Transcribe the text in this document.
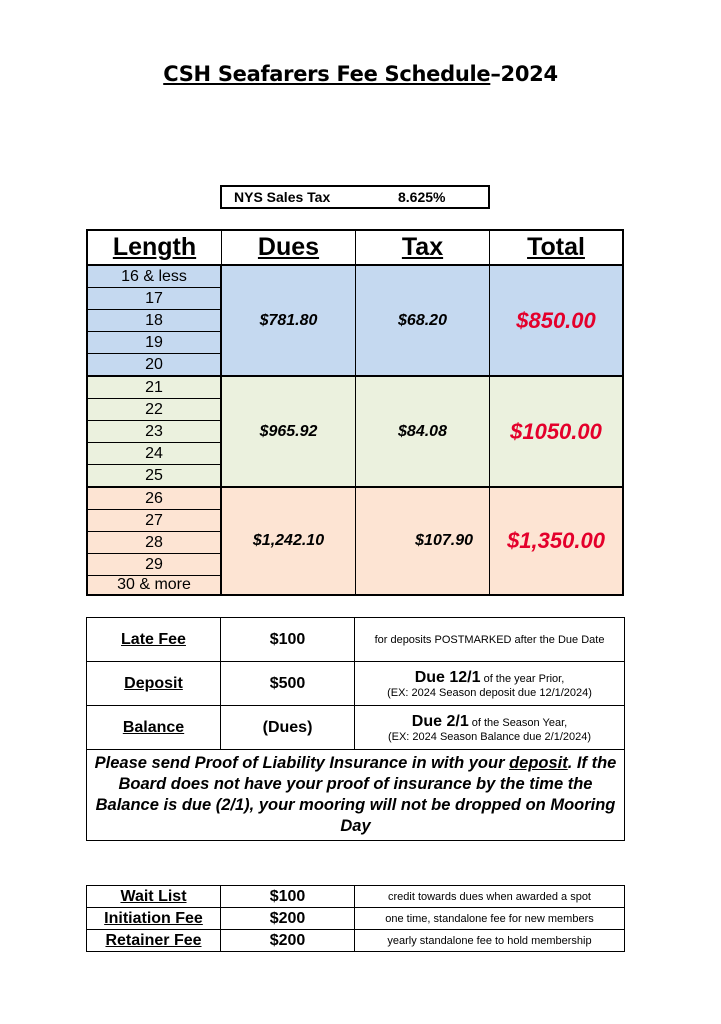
CSH Seafarers Fee Schedule–2024
NYS Sales Tax	8.625%
Length	Dues	Tax	Total
16 & less
17
18
19
20
$781.80	$68.20	$850.00
21
22
23
24
25
$965.92	$84.08	$1050.00
26
27
28
29
30 & more
$1,242.10	$107.90	$1,350.00
Late Fee	$100	for deposits POSTMARKED after the Due Date
Deposit	$500	Due 12/1 of the year Prior,
(EX: 2024 Season deposit due 12/1/2024)

Balance	(Dues)	Due 2/1 of the Season Year,
(EX: 2024 Season Balance due 2/1/2024)

Please send Proof of Liability Insurance in with your deposit. If the Board does not have your proof of insurance by the time the Balance is due (2/1), your mooring will not be dropped on Mooring Day		
Wait List	$100	credit towards dues when awarded a spot
Initiation Fee	$200	one time, standalone fee for new members
Retainer Fee	$200	yearly standalone fee to hold membership
